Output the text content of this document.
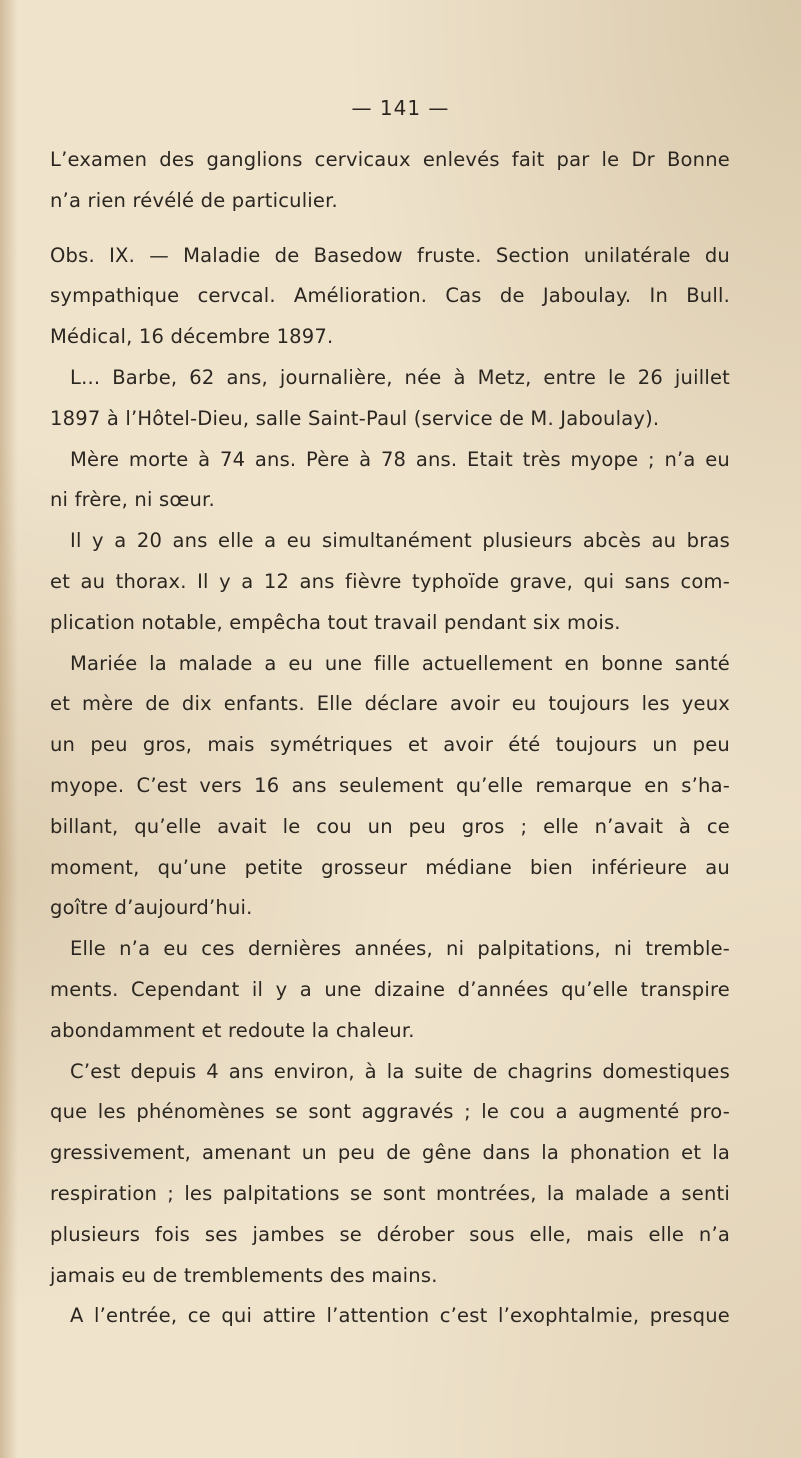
— 141 —
L’examen des ganglions cervicaux enlevés fait par le Dr Bonne
n’a rien révélé de particulier.
Obs. IX. — Maladie de Basedow fruste. Section unilatérale du
sympathique cervcal. Amélioration. Cas de Jaboulay. In Bull.
Médical, 16 décembre 1897.
L... Barbe, 62 ans, journalière, née à Metz, entre le 26 juillet
1897 à l’Hôtel-Dieu, salle Saint-Paul (service de M. Jaboulay).
Mère morte à 74 ans. Père à 78 ans. Etait très myope ; n’a eu
ni frère, ni sœur.
Il y a 20 ans elle a eu simultanément plusieurs abcès au bras
et au thorax. Il y a 12 ans fièvre typhoïde grave, qui sans com-
plication notable, empêcha tout travail pendant six mois.
Mariée la malade a eu une fille actuellement en bonne santé
et mère de dix enfants. Elle déclare avoir eu toujours les yeux
un peu gros, mais symétriques et avoir été toujours un peu
myope. C’est vers 16 ans seulement qu’elle remarque en s’ha-
billant, qu’elle avait le cou un peu gros ; elle n’avait à ce
moment, qu’une petite grosseur médiane bien inférieure au
goître d’aujourd’hui.
Elle n’a eu ces dernières années, ni palpitations, ni tremble-
ments. Cependant il y a une dizaine d’années qu’elle transpire
abondamment et redoute la chaleur.
C’est depuis 4 ans environ, à la suite de chagrins domestiques
que les phénomènes se sont aggravés ; le cou a augmenté pro-
gressivement, amenant un peu de gêne dans la phonation et la
respiration ; les palpitations se sont montrées, la malade a senti
plusieurs fois ses jambes se dérober sous elle, mais elle n’a
jamais eu de tremblements des mains.
A l’entrée, ce qui attire l’attention c’est l’exophtalmie, presque
